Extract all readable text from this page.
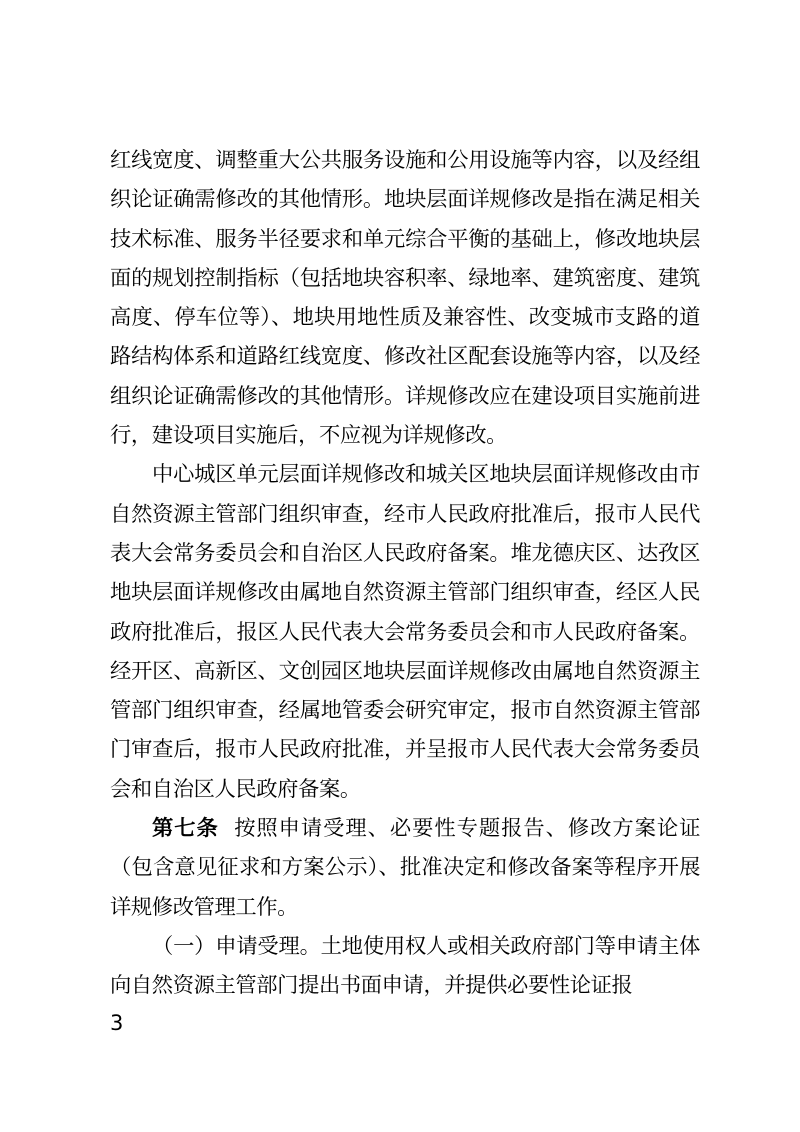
红线宽度、调整重大公共服务设施和公用设施等内容，以及经组织论证确需修改的其他情形。地块层面详规修改是指在满足相关技术标准、服务半径要求和单元综合平衡的基础上，修改地块层面的规划控制指标（包括地块容积率、绿地率、建筑密度、建筑高度、停车位等）、地块用地性质及兼容性、改变城市支路的道路结构体系和道路红线宽度、修改社区配套设施等内容，以及经组织论证确需修改的其他情形。详规修改应在建设项目实施前进行，建设项目实施后，不应视为详规修改。

中心城区单元层面详规修改和城关区地块层面详规修改由市自然资源主管部门组织审查，经市人民政府批准后，报市人民代表大会常务委员会和自治区人民政府备案。堆龙德庆区、达孜区地块层面详规修改由属地自然资源主管部门组织审查，经区人民政府批准后，报区人民代表大会常务委员会和市人民政府备案。经开区、高新区、文创园区地块层面详规修改由属地自然资源主管部门组织审查，经属地管委会研究审定，报市自然资源主管部门审查后，报市人民政府批准，并呈报市人民代表大会常务委员会和自治区人民政府备案。

第七条 按照申请受理、必要性专题报告、修改方案论证（包含意见征求和方案公示）、批准决定和修改备案等程序开展详规修改管理工作。

（一）申请受理。土地使用权人或相关政府部门等申请主体向自然资源主管部门提出书面申请，并提供必要性论证报

3
